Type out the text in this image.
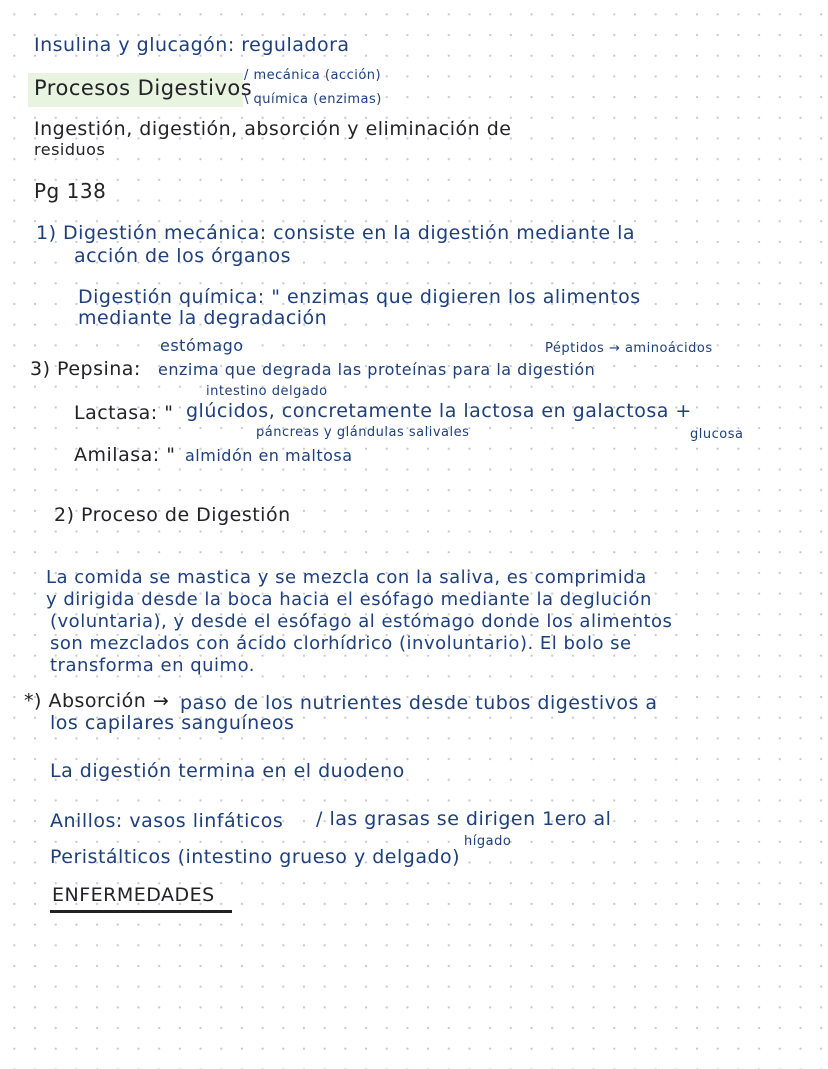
Insulina y glucagón: reguladora
Procesos Digestivos
/ mecánica (acción)
\ química (enzimas)
Ingestión, digestión, absorción y eliminación de
residuos
Pg 138
1) Digestión mecánica: consiste en la digestión mediante la
acción de los órganos
Digestión química: " enzimas que digieren los alimentos
mediante la degradación
estómago	Péptidos → aminoácidos
3) Pepsina: enzima que degrada las proteínas para la digestión
intestino delgado
Lactasa: " glúcidos, concretamente la lactosa en galactosa +
páncreas y glándulas salivales	glucosa
Amilasa: " almidón en maltosa
2) Proceso de Digestión
La comida se mastica y se mezcla con la saliva, es comprimida
y dirigida desde la boca hacia el esófago mediante la deglución
(voluntaria), y desde el esófago al estómago donde los alimentos
son mezclados con ácido clorhídrico (involuntario). El bolo se
transforma en quimo.
*) Absorción → paso de los nutrientes desde tubos digestivos a
los capilares sanguíneos
La digestión termina en el duodeno
Anillos: vasos linfáticos / las grasas se dirigen 1ero al
hígado
Peristálticos (intestino grueso y delgado)
ENFERMEDADES
